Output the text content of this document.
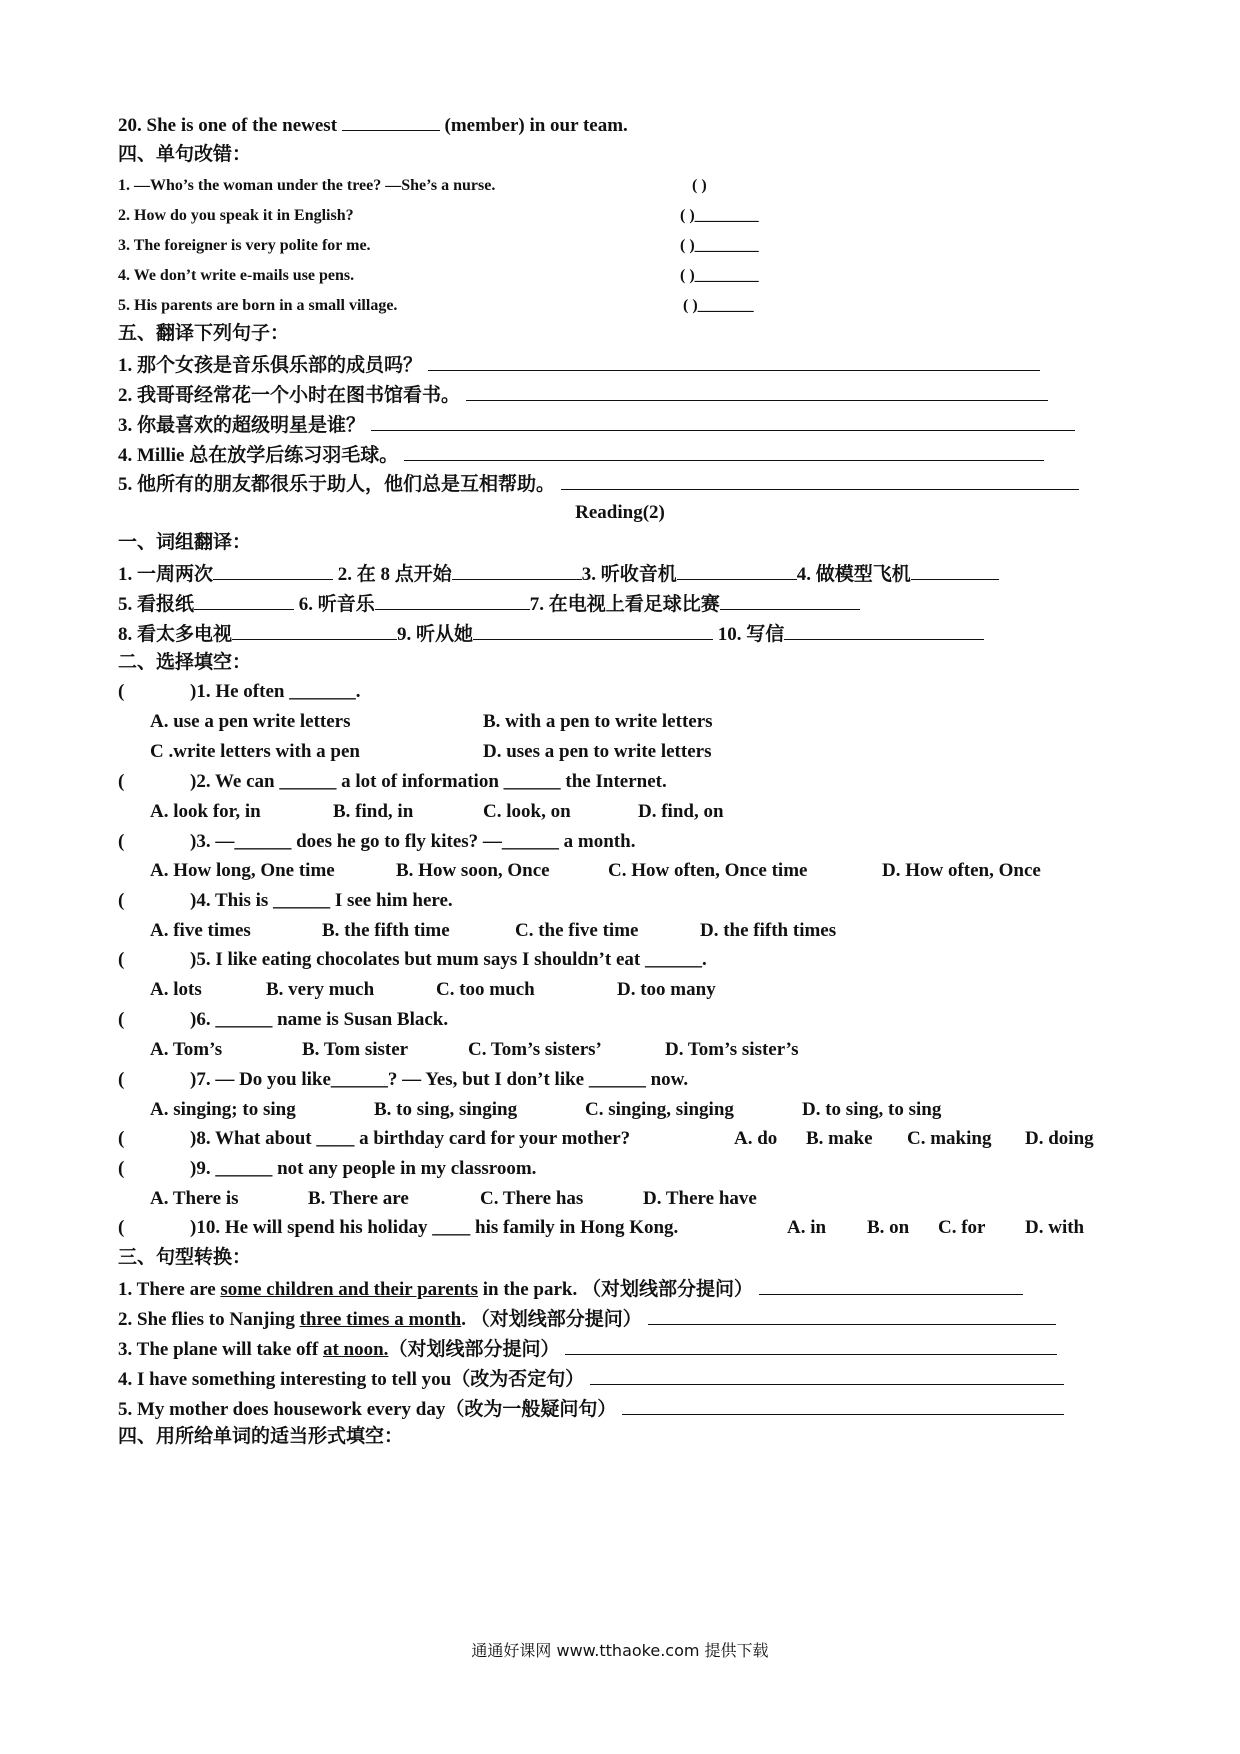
20. She is one of the newest	(member) in our team.
四、单句改错：
1. —Who’s the woman under the tree? —She’s a nurse.	( )
2. How do you speak it in English?	( )________
3. The foreigner is very polite for me.	( )________
4. We don’t write e-mails use pens.	( )________
5. His parents are born in a small village.	( )_______
五、翻译下列句子：
1. 那个女孩是音乐俱乐部的成员吗？
2. 我哥哥经常花一个小时在图书馆看书。
3. 你最喜欢的超级明星是谁？
4. Millie 总在放学后练习羽毛球。
5. 他所有的朋友都很乐于助人，他们总是互相帮助。
Reading(2)
一、词组翻译：
1. 一周两次	2. 在 8 点开始	3. 听收音机	4. 做模型飞机
5. 看报纸	6. 听音乐	7. 在电视上看足球比赛
8. 看太多电视	9. 听从她	10. 写信
二、选择填空：
(	)1. He often _______.
A. use a pen write letters	B. with a pen to write letters
C .write letters with a pen	D. uses a pen to write letters
(	)2. We can ______ a lot of information ______ the Internet.
A. look for, in	B. find, in	C. look, on	D. find, on
(	)3. —______ does he go to fly kites? —______ a month.
A. How long, One time	B. How soon, Once	C. How often, Once time	D. How often, Once
(	)4. This is ______ I see him here.
A. five times	B. the fifth time	C. the five time	D. the fifth times
(	)5. I like eating chocolates but mum says I shouldn’t eat ______.
A. lots	B. very much	C. too much	D. too many
(	)6. ______ name is Susan Black.
A. Tom’s	B. Tom sister	C. Tom’s sisters’	D. Tom’s sister’s
(	)7. — Do you like______? — Yes, but I don’t like ______ now.
A. singing; to sing	B. to sing, singing	C. singing, singing	D. to sing, to sing
(	)8. What about ____ a birthday card for your mother?	A. do B. make C. making D. doing
(	)9. ______ not any people in my classroom.
A. There is	B. There are	C. There has	D. There have
(	)10. He will spend his holiday ____ his family in Hong Kong.	A. in B. on C. for D. with
三、句型转换：
1. There are some children and their parents in the park. （对划线部分提问）
2. She flies to Nanjing three times a month. （对划线部分提问）
3. The plane will take off at noon.（对划线部分提问）
4. I have something interesting to tell you（改为否定句）
5. My mother does housework every day（改为一般疑问句）
四、用所给单词的适当形式填空：
通通好课网 www.tthaoke.com 提供下载
